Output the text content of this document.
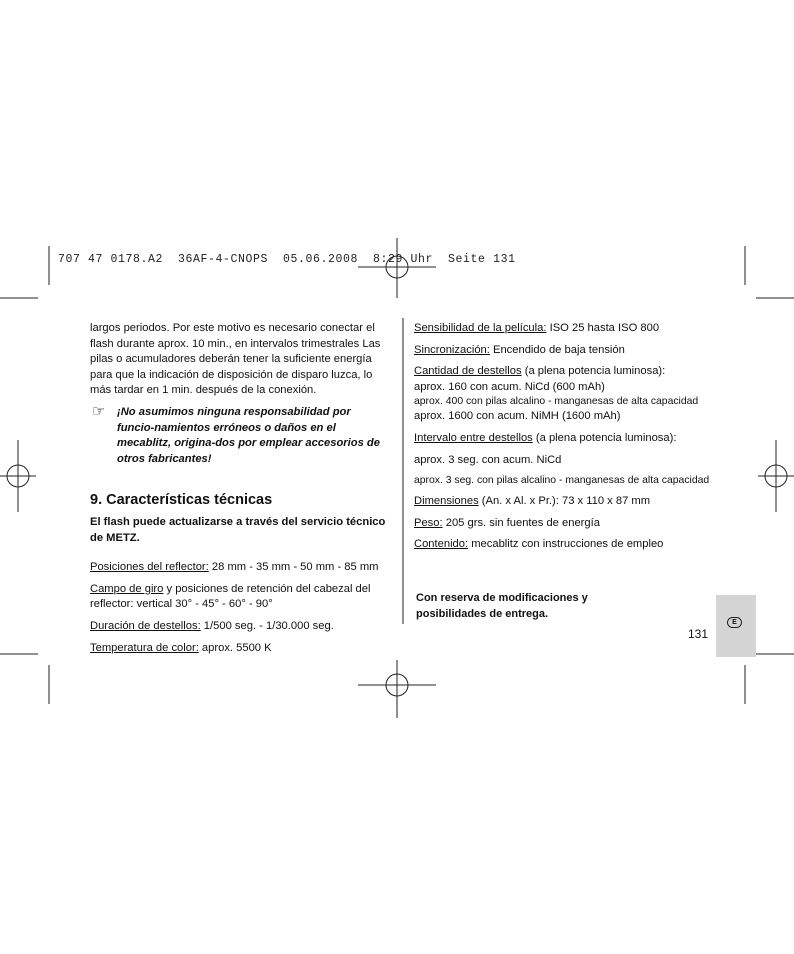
707 47 0178.A2  36AF-4-CNOPS  05.06.2008  8:29 Uhr  Seite 131

largos periodos. Por este motivo es necesario conectar el flash durante aprox. 10 min., en intervalos trimestrales Las pilas o acumuladores deberán tener la suficiente energía para que la indicación de disposición de disparo luzca, lo más tardar en 1 min. después de la conexión.

☞ ¡No asumimos ninguna responsabilidad por funcio-namientos erróneos o daños en el mecablitz, origina-dos por emplear accesorios de otros fabricantes!

9. Características técnicas

El flash puede actualizarse a través del servicio técnico de METZ.

Posiciones del reflector: 28 mm - 35 mm - 50 mm - 85 mm

Campo de giro y posiciones de retención del cabezal del reflector: vertical 30° - 45° - 60° - 90°

Duración de destellos: 1/500 seg. - 1/30.000 seg.

Temperatura de color: aprox. 5500 K

Sensibilidad de la película: ISO 25 hasta ISO 800

Sincronización: Encendido de baja tensión

Cantidad de destellos (a plena potencia luminosa):

aprox. 160 con acum. NiCd (600 mAh)

aprox. 400 con pilas alcalino - manganesas de alta capacidad

aprox. 1600 con acum. NiMH (1600 mAh)

Intervalo entre destellos (a plena potencia luminosa):

aprox. 3 seg. con acum. NiCd

aprox. 3 seg. con pilas alcalino - manganesas de alta capacidad

Dimensiones (An. x Al. x Pr.): 73 x 110 x 87 mm

Peso: 205 grs. sin fuentes de energía

Contenido: mecablitz con instrucciones de empleo

Con reserva de modificaciones y
posibilidades de entrega.
E
131
